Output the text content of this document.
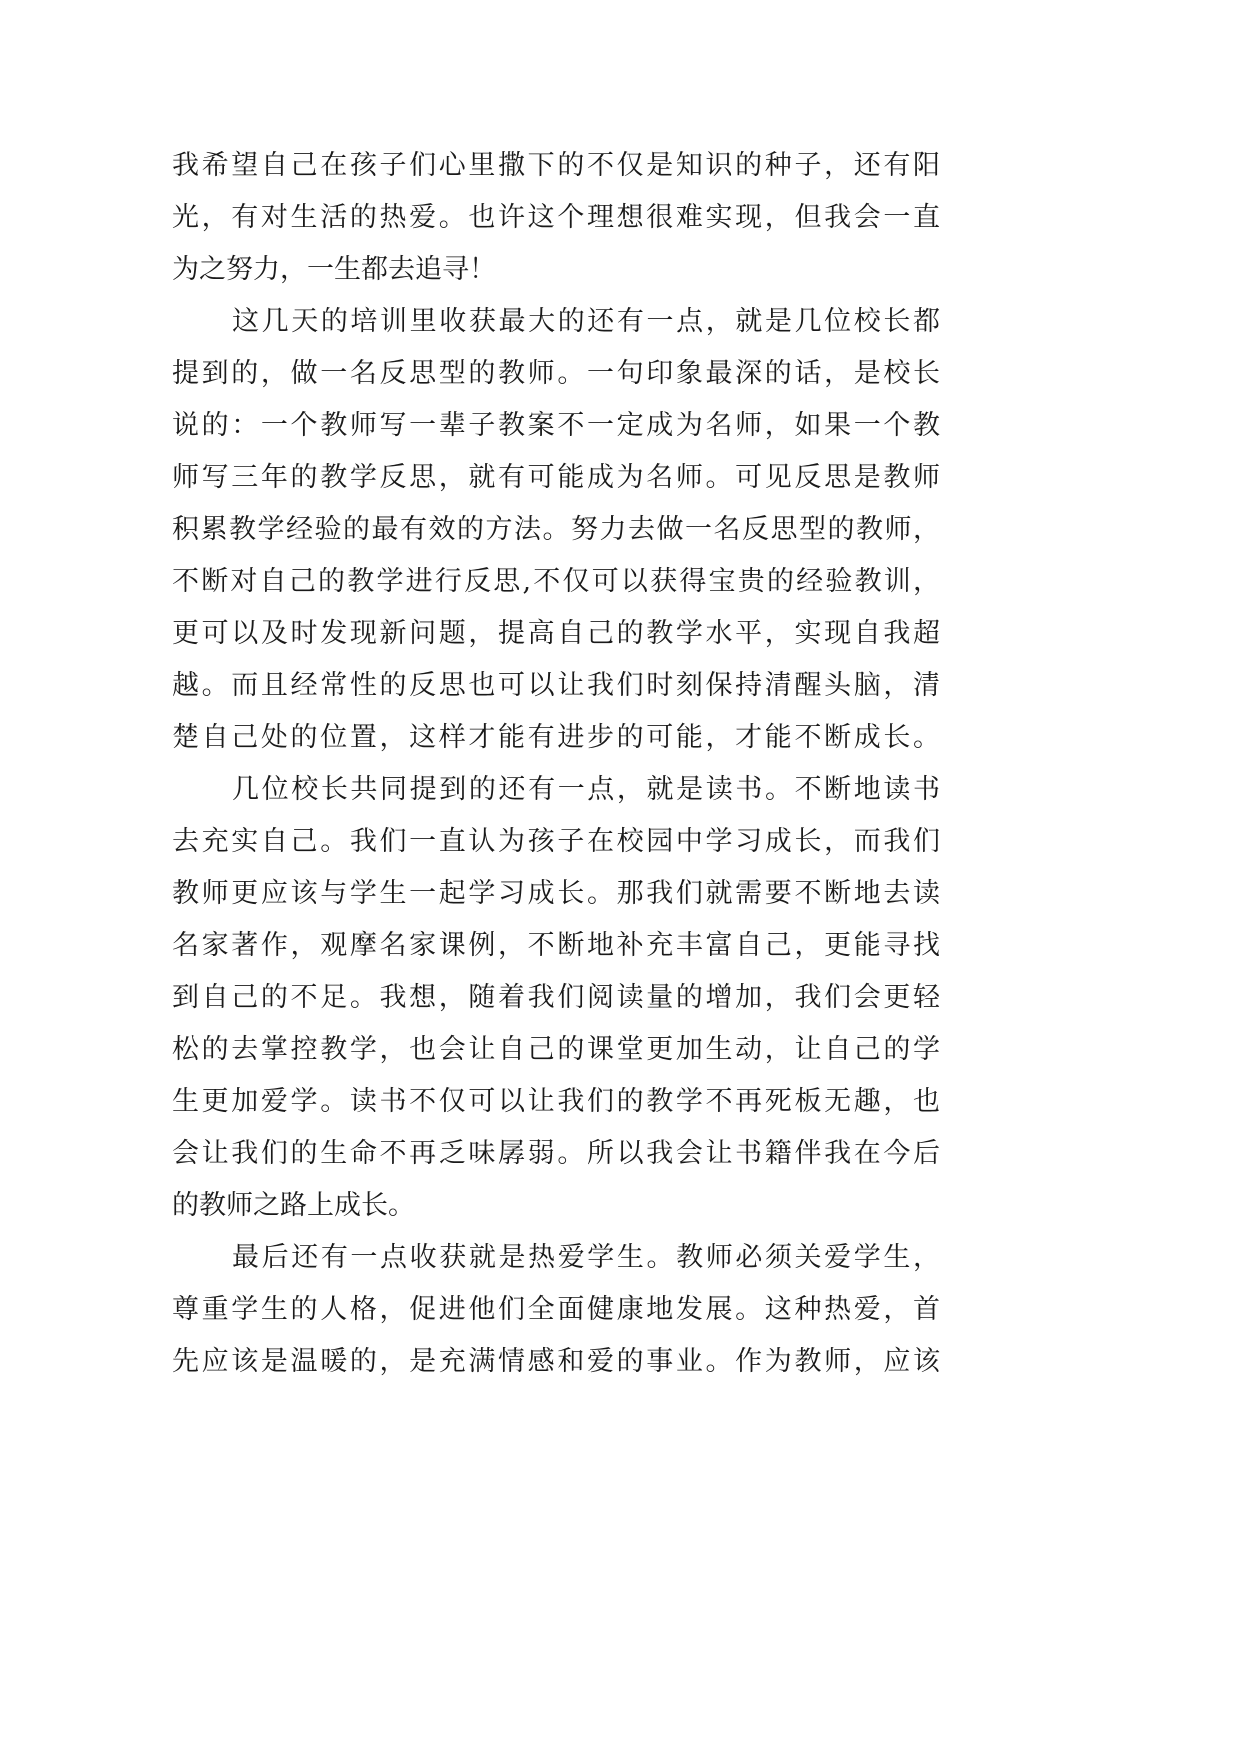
我希望自己在孩子们心里撒下的不仅是知识的种子，还有阳
光，有对生活的热爱。也许这个理想很难实现，但我会一直
为之努力，一生都去追寻！
这几天的培训里收获最大的还有一点，就是几位校长都
提到的，做一名反思型的教师。一句印象最深的话，是校长
说的：一个教师写一辈子教案不一定成为名师，如果一个教
师写三年的教学反思，就有可能成为名师。可见反思是教师
积累教学经验的最有效的方法。努力去做一名反思型的教师，
不断对自己的教学进行反思,不仅可以获得宝贵的经验教训，
更可以及时发现新问题，提高自己的教学水平，实现自我超
越。而且经常性的反思也可以让我们时刻保持清醒头脑，清
楚自己处的位置，这样才能有进步的可能，才能不断成长。
几位校长共同提到的还有一点，就是读书。不断地读书
去充实自己。我们一直认为孩子在校园中学习成长，而我们
教师更应该与学生一起学习成长。那我们就需要不断地去读
名家著作，观摩名家课例，不断地补充丰富自己，更能寻找
到自己的不足。我想，随着我们阅读量的增加，我们会更轻
松的去掌控教学，也会让自己的课堂更加生动，让自己的学
生更加爱学。读书不仅可以让我们的教学不再死板无趣，也
会让我们的生命不再乏味孱弱。所以我会让书籍伴我在今后
的教师之路上成长。
最后还有一点收获就是热爱学生。教师必须关爱学生，
尊重学生的人格，促进他们全面健康地发展。这种热爱，首
先应该是温暖的，是充满情感和爱的事业。作为教师，应该
